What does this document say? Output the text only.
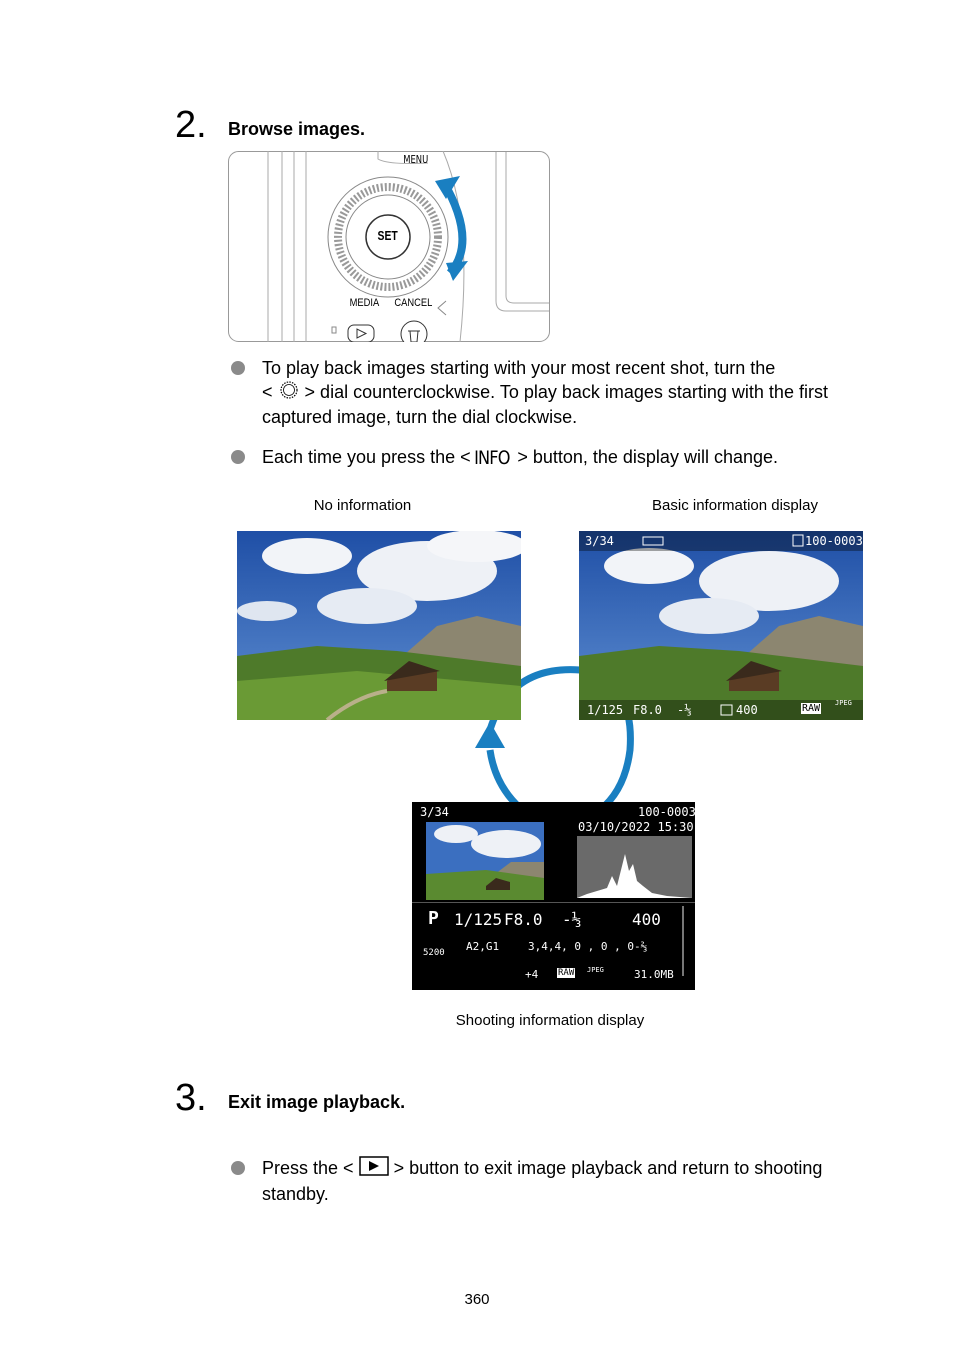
2. Browse images.
MENU
SET
MEDIA CANCEL
To play back images starting with your most recent shot, turn the
< > dial counterclockwise. To play back images starting with the first
captured image, turn the dial clockwise.
Each time you press the < INFO > button, the display will change.
No information	Basic information display
3/34	100-0003
1/125 F8.0 -⅓	400	RAW JPEG
3/34	100-0003
03/10/2022 15:30:00
P 1/125 F8.0 -⅓	400
5200 A2,G1	3,4,4, 0 , 0 , 0 -⅔
+4 RAW JPEG	31.0MB
Shooting information display
3. Exit image playback.
Press the < > button to exit image playback and return to shooting
standby.
360
